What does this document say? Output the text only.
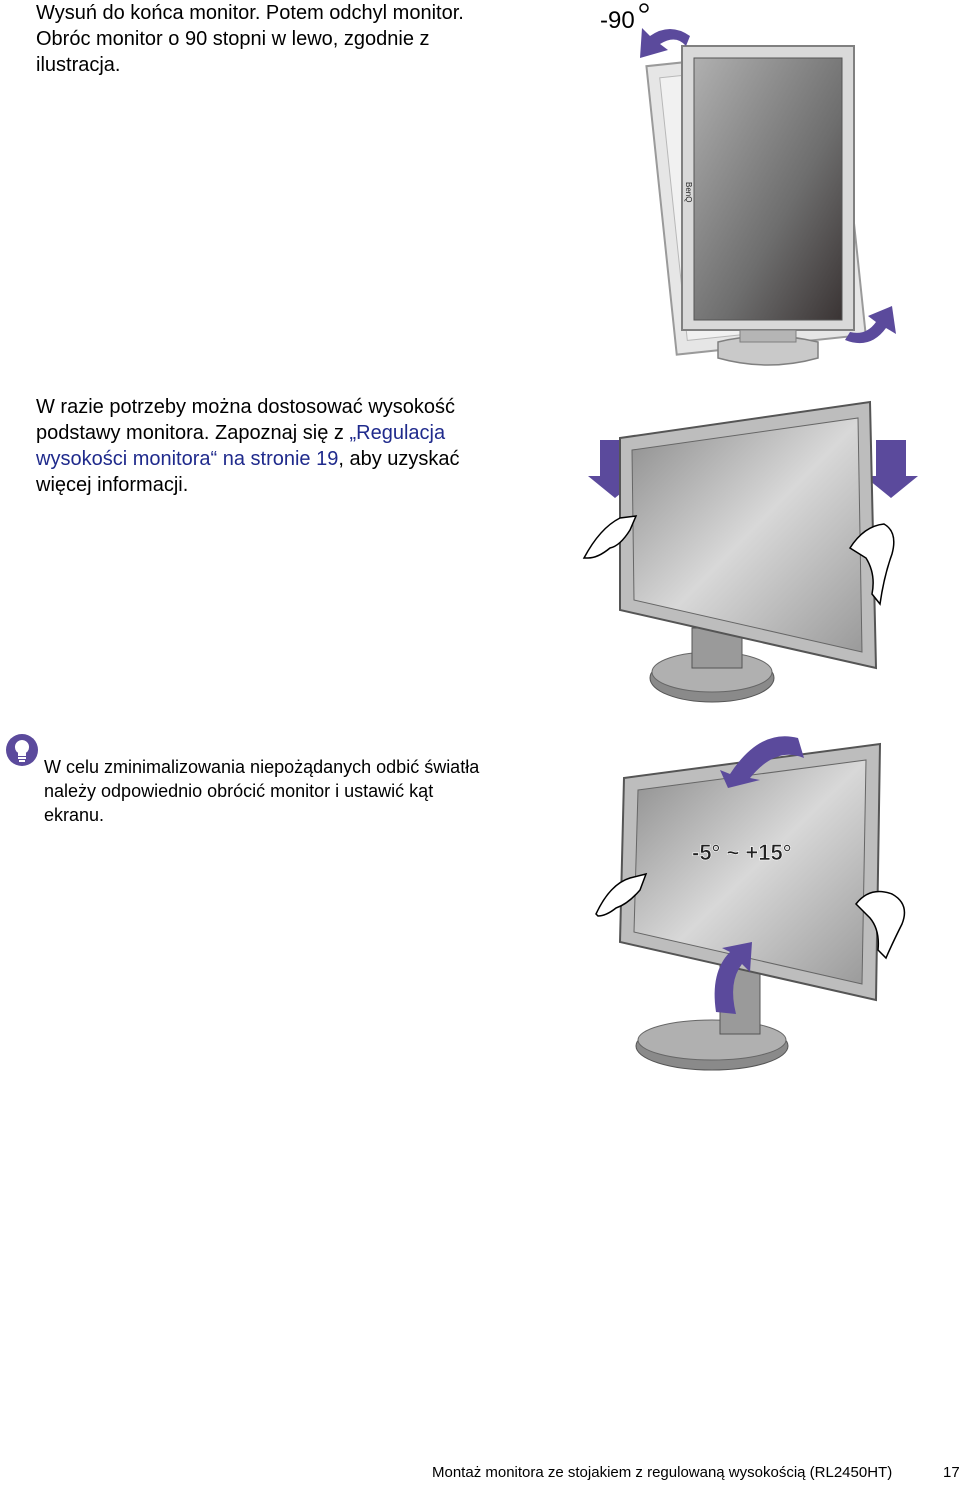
Wysuń do końca monitor. Potem odchyl monitor.
Obróc monitor o 90 stopni w lewo, zgodnie z
ilustracja.

-90
BenQ

W razie potrzeby można dostosować wysokość
podstawy monitora. Zapoznaj się z „Regulacja
wysokości monitora“ na stronie 19, aby uzyskać
więcej informacji.

W celu zminimalizowania niepożądanych odbić światła
należy odpowiednio obrócić monitor i ustawić kąt
ekranu.

-5° ~ +15°
Montaż monitora ze stojakiem z regulowaną wysokością (RL2450HT)	17
